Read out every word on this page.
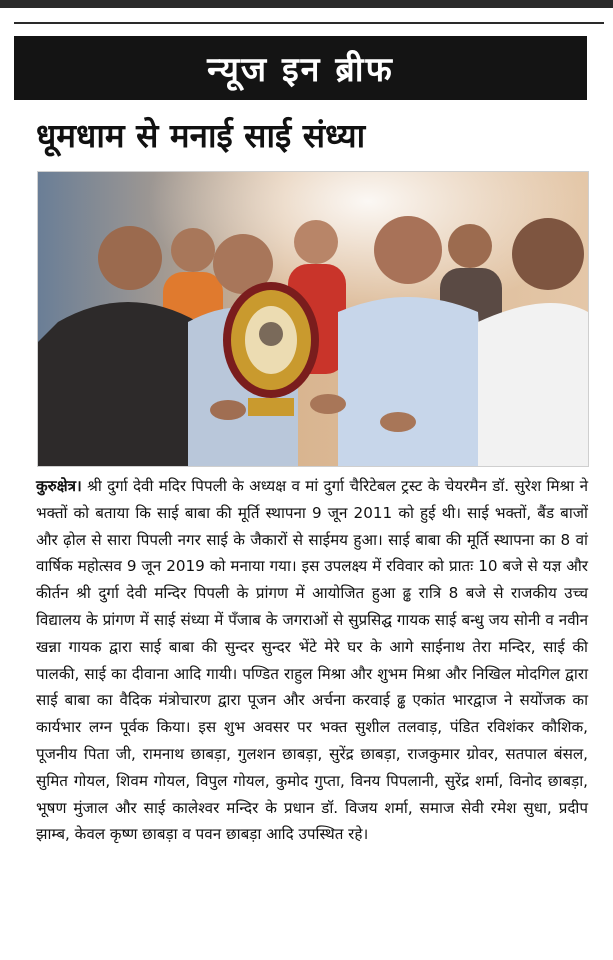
न्यूज इन ब्रीफ
धूमधाम से मनाई साई संध्या
कुरुक्षेत्र। श्री दुर्गा देवी मदिर पिपली के अध्यक्ष व मां दुर्गा चैरिटेबल ट्रस्ट के चेयरमैन डॉ. सुरेश मिश्रा ने भक्तों को बताया कि साई बाबा की मूर्ति स्थापना 9 जून 2011 को हुई थी। साई भक्तों, बैंड बाजों और ढ़ोल से सारा पिपली नगर साई के जैकारों से साईमय हुआ। साई बाबा की मूर्ति स्थापना का 8 वां वार्षिक महोत्सव 9 जून 2019 को मनाया गया। इस उपलक्ष्य में रविवार को प्रातः 10 बजे से यज्ञ और कीर्तन श्री दुर्गा देवी मन्दिर पिपली के प्रांगण में आयोजित हुआ ढ्ढ रात्रि 8 बजे से राजकीय उच्च विद्यालय के प्रांगण में साई संध्या में पँजाब के जगराओं से सुप्रसिद्घ गायक साई बन्धु जय सोनी व नवीन खन्ना गायक द्वारा साई बाबा की सुन्दर सुन्दर भेंटे मेरे घर के आगे साईनाथ तेरा मन्दिर, साई की पालकी, साई का दीवाना आदि गायी। पण्डित राहुल मिश्रा और शुभम मिश्रा और निखिल मोदगिल द्वारा साई बाबा का वैदिक मंत्रोचारण द्वारा पूजन और अर्चना करवाई ढ्ढ एकांत भारद्वाज ने सयोंजक का कार्यभार लग्न पूर्वक किया। इस शुभ अवसर पर भक्त सुशील तलवाड़, पंडित रविशंकर कौशिक, पूजनीय पिता जी, रामनाथ छाबड़ा, गुलशन छाबड़ा, सुरेंद्र छाबड़ा, राजकुमार ग्रोवर, सतपाल बंसल, सुमित गोयल, शिवम गोयल, विपुल गोयल, कुमोद गुप्ता, विनय पिपलानी, सुरेंद्र शर्मा, विनोद छाबड़ा, भूषण मुंजाल और साई कालेश्वर मन्दिर के प्रधान डॉ. विजय शर्मा, समाज सेवी रमेश सुधा, प्रदीप झाम्ब, केवल कृष्ण छाबड़ा व पवन छाबड़ा आदि उपस्थित रहे।
